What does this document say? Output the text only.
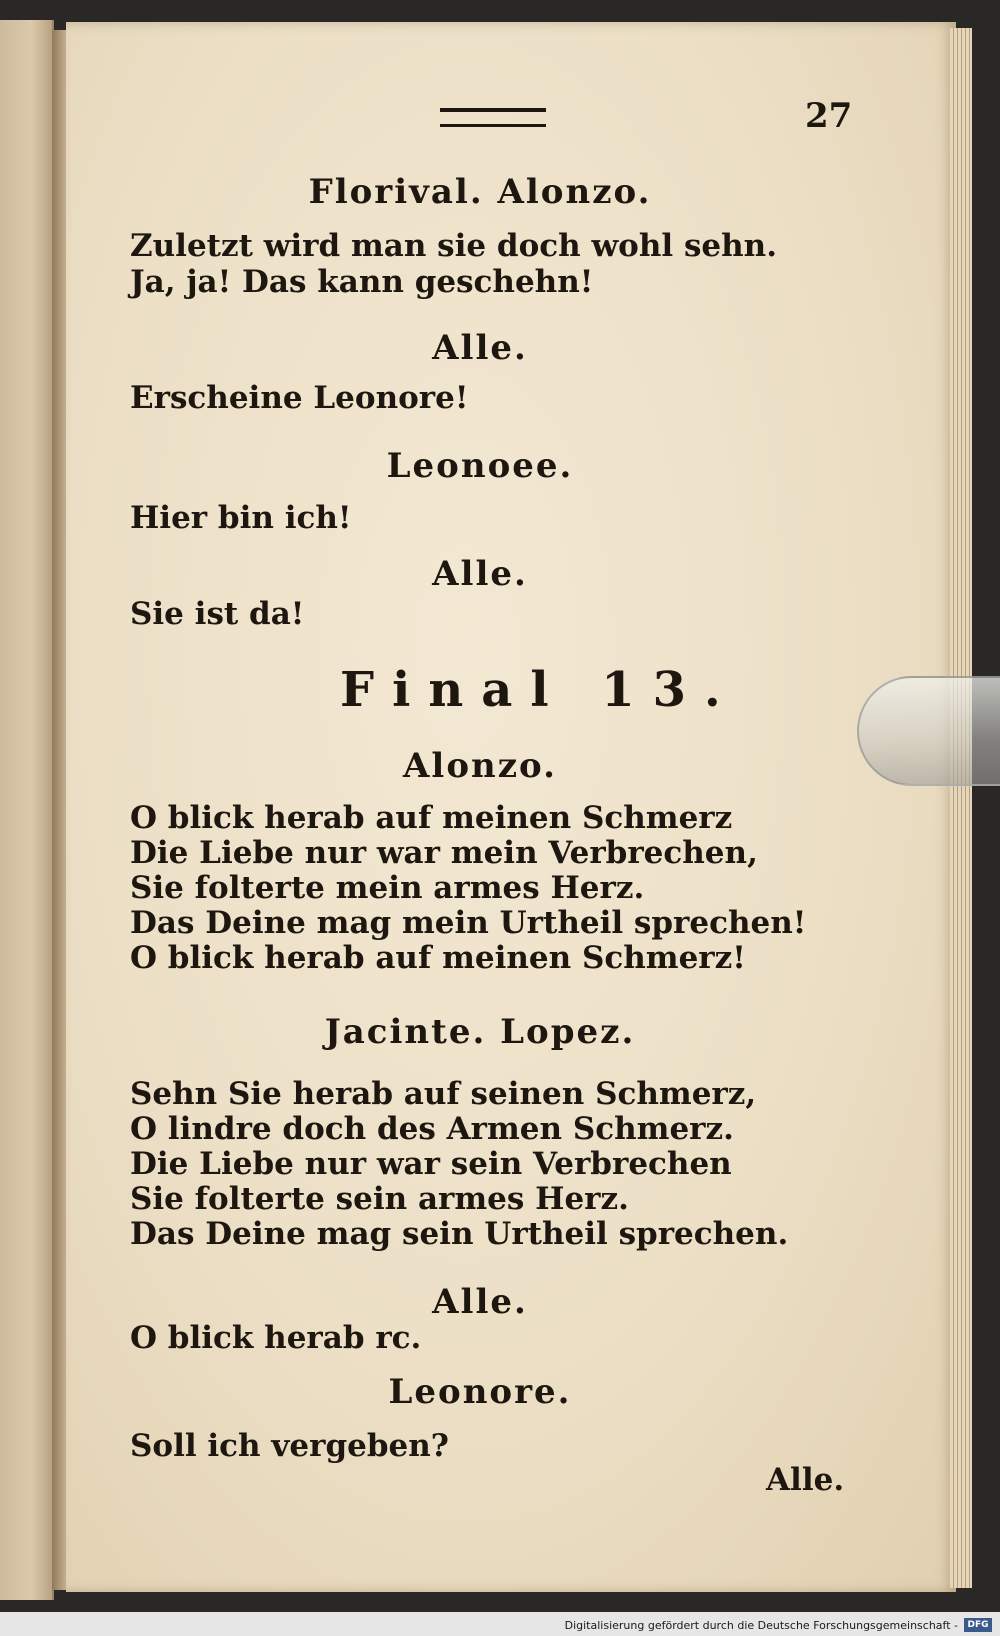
27
Florival. Alonzo.
Zuletzt wird man sie doch wohl sehn.
Ja, ja! Das kann geschehn!
Alle.
Erscheine Leonore!
Leonoee.
Hier bin ich!
Alle.
Sie ist da!
Final 13.
Alonzo.
O blick herab auf meinen Schmerz
Die Liebe nur war mein Verbrechen,
Sie folterte mein armes Herz.
Das Deine mag mein Urtheil sprechen!
O blick herab auf meinen Schmerz!
Jacinte. Lopez.
Sehn Sie herab auf seinen Schmerz,
O lindre doch des Armen Schmerz.
Die Liebe nur war sein Verbrechen
Sie folterte sein armes Herz.
Das Deine mag sein Urtheil sprechen.
Alle.
O blick herab rc.
Leonore.
Soll ich vergeben?
Alle.
Digitalisierung gefördert durch die Deutsche Forschungsgemeinschaft -	DFG
